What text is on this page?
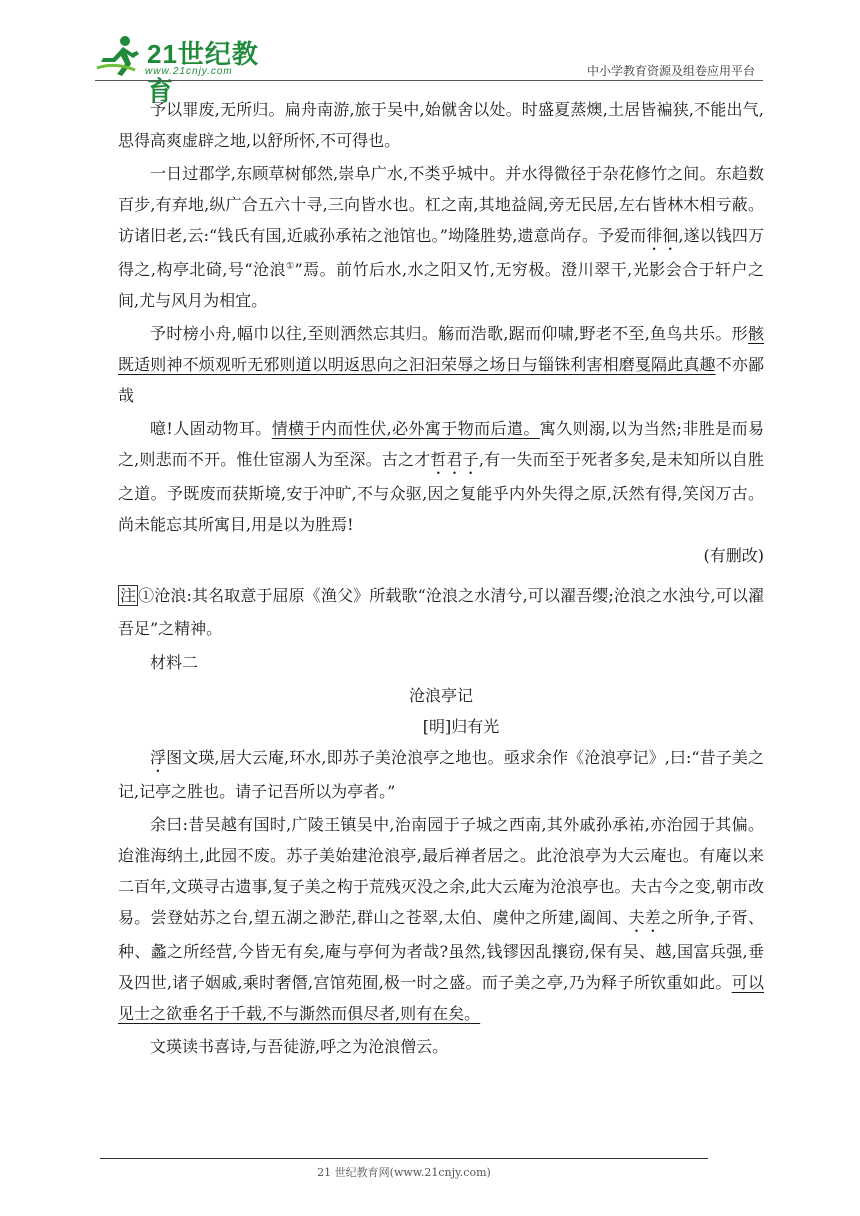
21世纪教育
www.21cnjy.com	中小学教育资源及组卷应用平台

予以罪废,无所归。扁舟南游,旅于吴中,始僦舍以处。时盛夏蒸燠,土居皆褊狭,不能出气,思得高爽虚辟之地,以舒所怀,不可得也。

一日过郡学,东顾草树郁然,崇阜广水,不类乎城中。并水得微径于杂花修竹之间。东趋数百步,有弃地,纵广合五六十寻,三向皆水也。杠之南,其地益阔,旁无民居,左右皆林木相亏蔽。访诸旧老,云:“钱氏有国,近戚孙承祐之池馆也。”坳隆胜势,遗意尚存。予爱而徘徊,遂以钱四万得之,构亭北碕,号“沧浪①”焉。前竹后水,水之阳又竹,无穷极。澄川翠干,光影会合于轩户之间,尤与风月为相宜。

予时榜小舟,幅巾以往,至则洒然忘其归。觞而浩歌,踞而仰啸,野老不至,鱼鸟共乐。形骸既适则神不烦观听无邪则道以明返思向之汩汩荣辱之场日与锱铢利害相磨戛隔此真趣不亦鄙哉

噫!人固动物耳。情横于内而性伏,必外寓于物而后遣。寓久则溺,以为当然;非胜是而易之,则悲而不开。惟仕宦溺人为至深。古之才哲君子,有一失而至于死者多矣,是未知所以自胜之道。予既废而获斯境,安于冲旷,不与众驱,因之复能乎内外失得之原,沃然有得,笑闵万古。尚未能忘其所寓目,用是以为胜焉!

(有删改)

注 ①沧浪:其名取意于屈原《渔父》所载歌“沧浪之水清兮,可以濯吾缨;沧浪之水浊兮,可以濯吾足”之精神。

材料二

沧浪亭记

[明]归有光

浮图文瑛,居大云庵,环水,即苏子美沧浪亭之地也。亟求余作《沧浪亭记》,曰:“昔子美之记,记亭之胜也。请子记吾所以为亭者。”

余曰:昔吴越有国时,广陵王镇吴中,治南园于子城之西南,其外戚孙承祐,亦治园于其偏。迨淮海纳土,此园不废。苏子美始建沧浪亭,最后禅者居之。此沧浪亭为大云庵也。有庵以来二百年,文瑛寻古遗事,复子美之构于荒残灭没之余,此大云庵为沧浪亭也。夫古今之变,朝市改易。尝登姑苏之台,望五湖之渺茫,群山之苍翠,太伯、虞仲之所建,阖闾、夫差之所争,子胥、种、蠡之所经营,今皆无有矣,庵与亭何为者哉?虽然,钱镠因乱攘窃,保有吴、越,国富兵强,垂及四世,诸子姻戚,乘时奢僭,宫馆苑囿,极一时之盛。而子美之亭,乃为释子所钦重如此。可以见士之欲垂名于千载,不与澌然而俱尽者,则有在矣。

文瑛读书喜诗,与吾徒游,呼之为沧浪僧云。

21 世纪教育网(www.21cnjy.com)
